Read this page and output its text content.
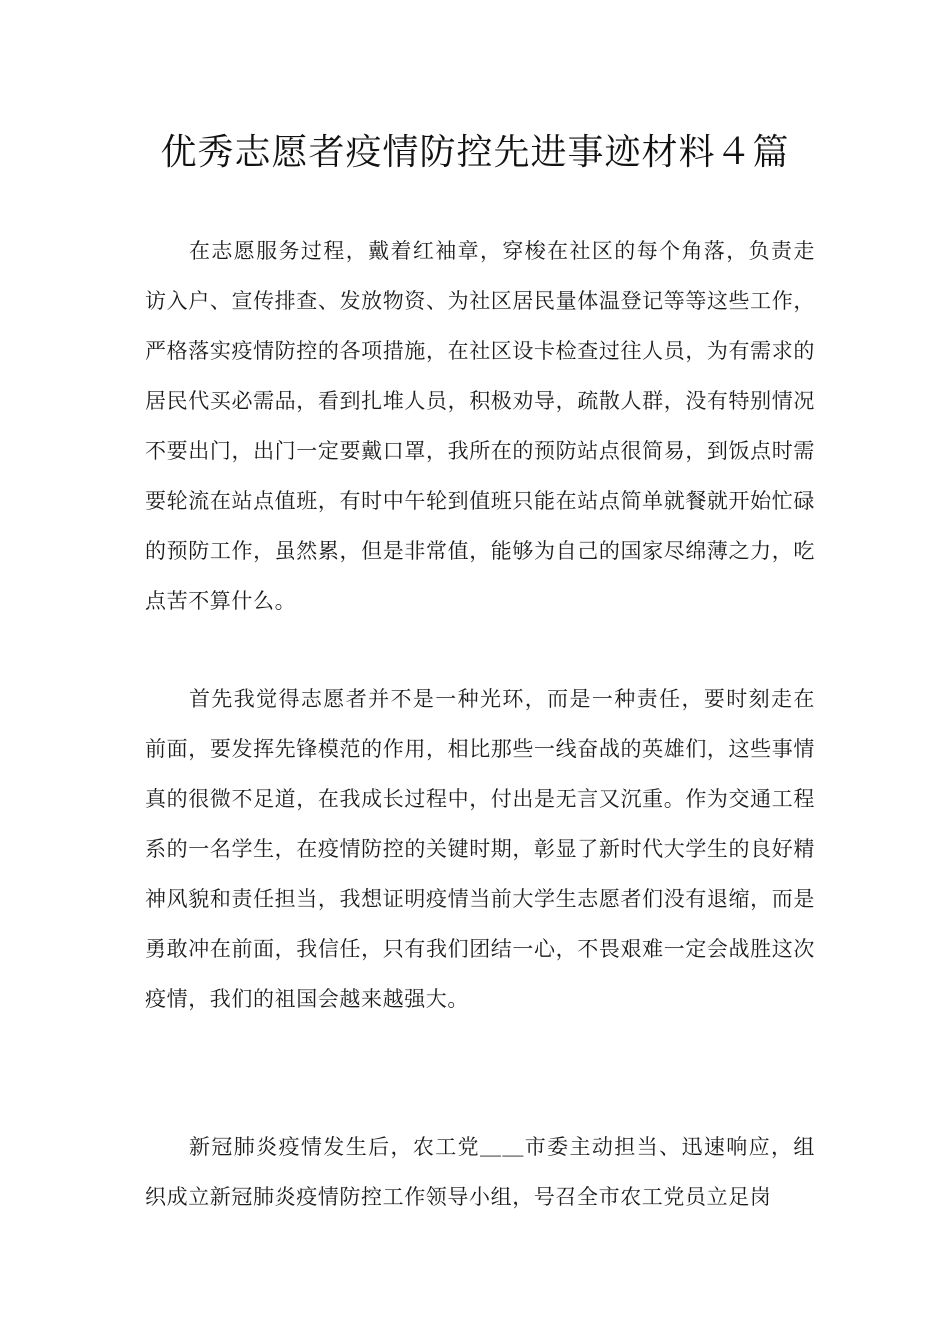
优秀志愿者疫情防控先进事迹材料４篇

在志愿服务过程，戴着红袖章，穿梭在社区的每个角落，负责走访入户、宣传排查、发放物资、为社区居民量体温登记等等这些工作，严格落实疫情防控的各项措施，在社区设卡检查过往人员，为有需求的居民代买必需品，看到扎堆人员，积极劝导，疏散人群，没有特别情况不要出门，出门一定要戴口罩，我所在的预防站点很简易，到饭点时需要轮流在站点值班，有时中午轮到值班只能在站点简单就餐就开始忙碌的预防工作，虽然累，但是非常值，能够为自己的国家尽绵薄之力，吃点苦不算什么。

首先我觉得志愿者并不是一种光环，而是一种责任，要时刻走在前面，要发挥先锋模范的作用，相比那些一线奋战的英雄们，这些事情真的很微不足道，在我成长过程中，付出是无言又沉重。作为交通工程系的一名学生，在疫情防控的关键时期，彰显了新时代大学生的良好精神风貌和责任担当，我想证明疫情当前大学生志愿者们没有退缩，而是勇敢冲在前面，我信任，只有我们团结一心，不畏艰难一定会战胜这次疫情，我们的祖国会越来越强大。

新冠肺炎疫情发生后，农工党＿＿市委主动担当、迅速响应，组织成立新冠肺炎疫情防控工作领导小组，号召全市农工党员立足岗
